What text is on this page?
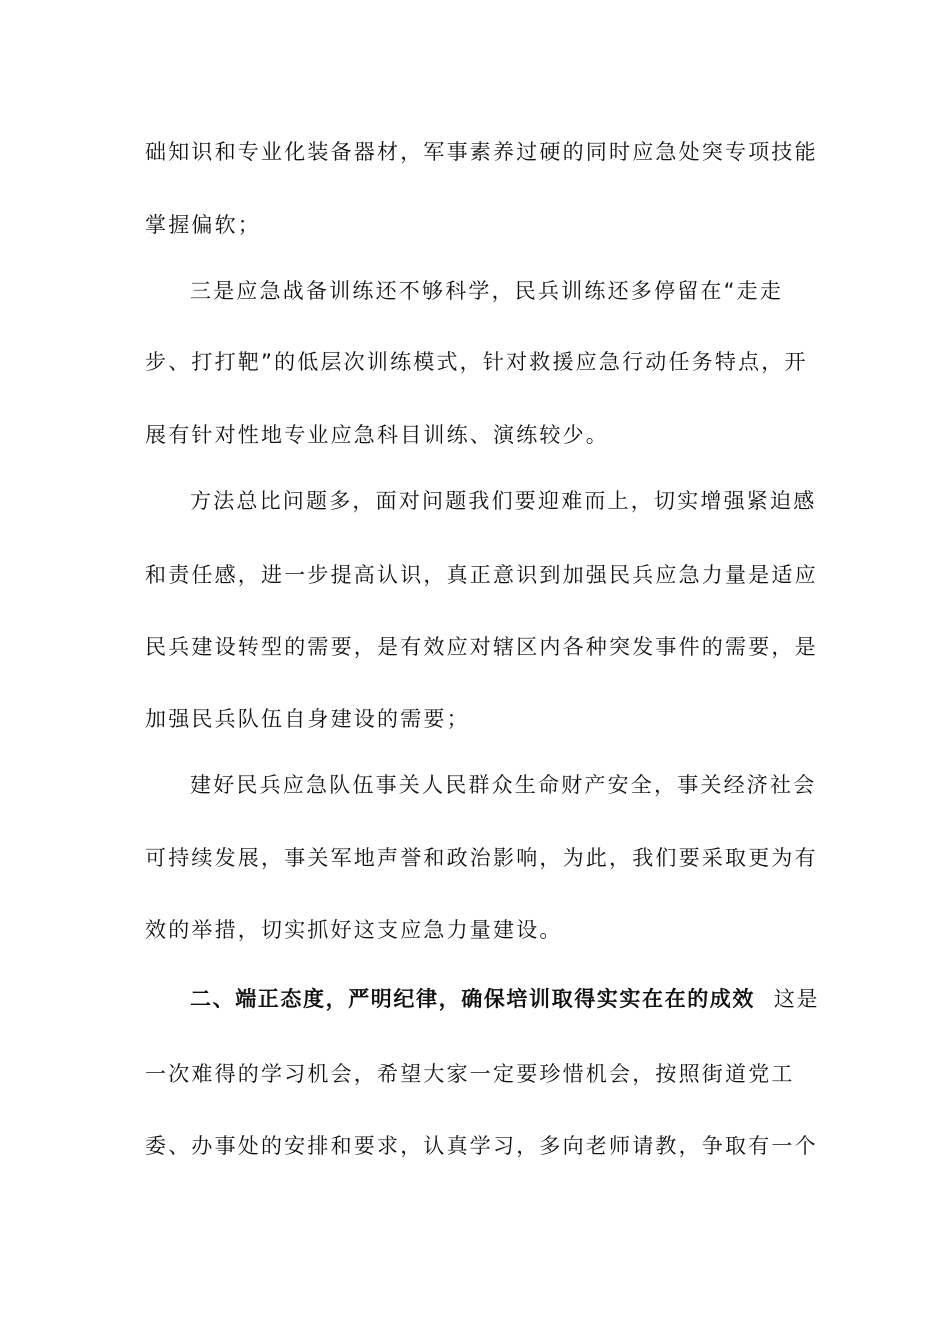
础知识和专业化装备器材，军事素养过硬的同时应急处突专项技能
掌握偏软；
三是应急战备训练还不够科学，民兵训练还多停留在“走走
步、打打靶”的低层次训练模式，针对救援应急行动任务特点，开
展有针对性地专业应急科目训练、演练较少。
方法总比问题多，面对问题我们要迎难而上，切实增强紧迫感
和责任感，进一步提高认识，真正意识到加强民兵应急力量是适应
民兵建设转型的需要，是有效应对辖区内各种突发事件的需要，是
加强民兵队伍自身建设的需要；
建好民兵应急队伍事关人民群众生命财产安全，事关经济社会
可持续发展，事关军地声誉和政治影响，为此，我们要采取更为有
效的举措，切实抓好这支应急力量建设。
二、端正态度，严明纪律，确保培训取得实实在在的成效 这是
一次难得的学习机会，希望大家一定要珍惜机会，按照街道党工
委、办事处的安排和要求，认真学习，多向老师请教，争取有一个
